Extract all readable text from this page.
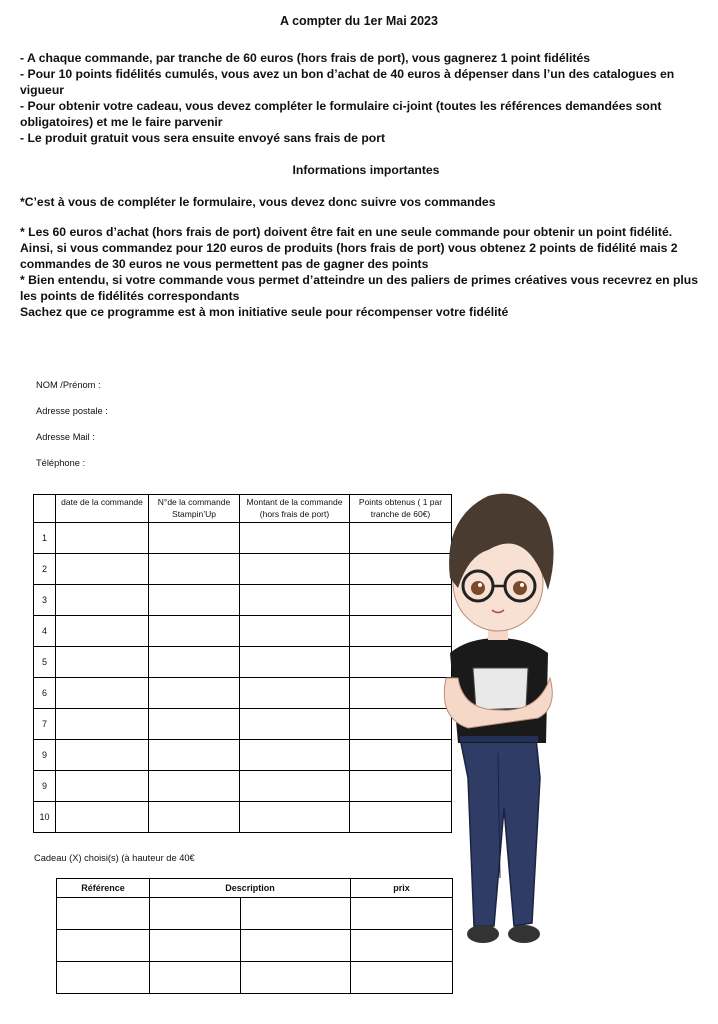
A compter du 1er Mai 2023

- A chaque commande, par tranche de 60 euros (hors frais de port), vous gagnerez 1 point fidélités

- Pour 10 points fidélités cumulés, vous avez un bon d’achat de 40 euros à dépenser dans l’un des catalogues en vigueur

- Pour obtenir votre cadeau, vous devez compléter le formulaire ci-joint (toutes les références demandées sont obligatoires) et me le faire parvenir

- Le produit gratuit vous sera ensuite envoyé sans frais de port

Informations importantes

*C’est à vous de compléter le formulaire, vous devez donc suivre vos commandes

* Les 60 euros d’achat (hors frais de port) doivent être fait en une seule commande pour obtenir un point fidélité. Ainsi, si vous commandez pour 120 euros de produits (hors frais de port) vous obtenez 2 points de fidélité mais 2 commandes de 30 euros ne vous permettent pas de gagner des points

* Bien entendu, si votre commande vous permet d’atteindre un des paliers de primes créatives vous recevrez en plus les points de fidélités correspondants

Sachez que ce programme est à mon initiative seule pour récompenser votre fidélité

NOM /Prénom :
Adresse postale :
Adresse Mail :
Téléphone :
	date de la commande	N°de la commande Stampin’Up	Montant de la commande (hors frais de port)	Points obtenus ( 1 par tranche de 60€)
1				
2				
3				
4				
5				
6				
7				
9				
9				
10				
Cadeau (X) choisi(s) (à hauteur de 40€
Référence	Description		prix
